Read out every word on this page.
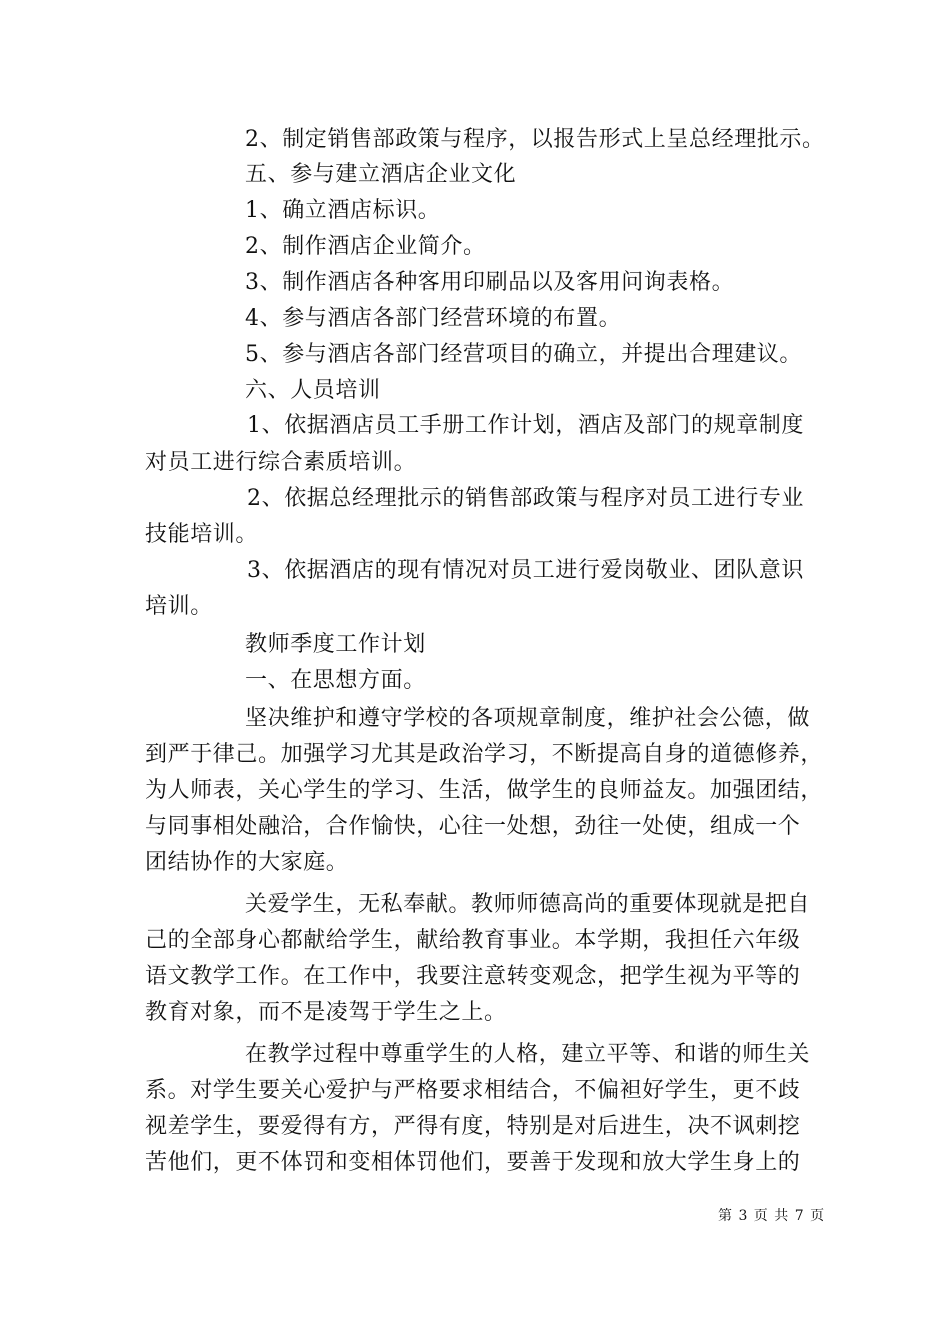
2、制定销售部政策与程序，以报告形式上呈总经理批示。
五、参与建立酒店企业文化
1、确立酒店标识。
2、制作酒店企业简介。
3、制作酒店各种客用印刷品以及客用问询表格。
4、参与酒店各部门经营环境的布置。
5、参与酒店各部门经营项目的确立，并提出合理建议。
六、人员培训
1、依据酒店员工手册工作计划，酒店及部门的规章制度
对员工进行综合素质培训。
2、依据总经理批示的销售部政策与程序对员工进行专业
技能培训。
3、依据酒店的现有情况对员工进行爱岗敬业、团队意识
培训。
教师季度工作计划
一、在思想方面。
坚决维护和遵守学校的各项规章制度，维护社会公德，做
到严于律己。加强学习尤其是政治学习，不断提高自身的道德修养，
为人师表，关心学生的学习、生活，做学生的良师益友。加强团结，
与同事相处融洽，合作愉快，心往一处想，劲往一处使，组成一个
团结协作的大家庭。
关爱学生，无私奉献。教师师德高尚的重要体现就是把自
己的全部身心都献给学生，献给教育事业。本学期，我担任六年级
语文教学工作。在工作中，我要注意转变观念，把学生视为平等的
教育对象，而不是凌驾于学生之上。
在教学过程中尊重学生的人格，建立平等、和谐的师生关
系。对学生要关心爱护与严格要求相结合，不偏袒好学生，更不歧
视差学生，要爱得有方，严得有度，特别是对后进生，决不讽刺挖
苦他们，更不体罚和变相体罚他们，要善于发现和放大学生身上的
第 3 页 共 7 页
